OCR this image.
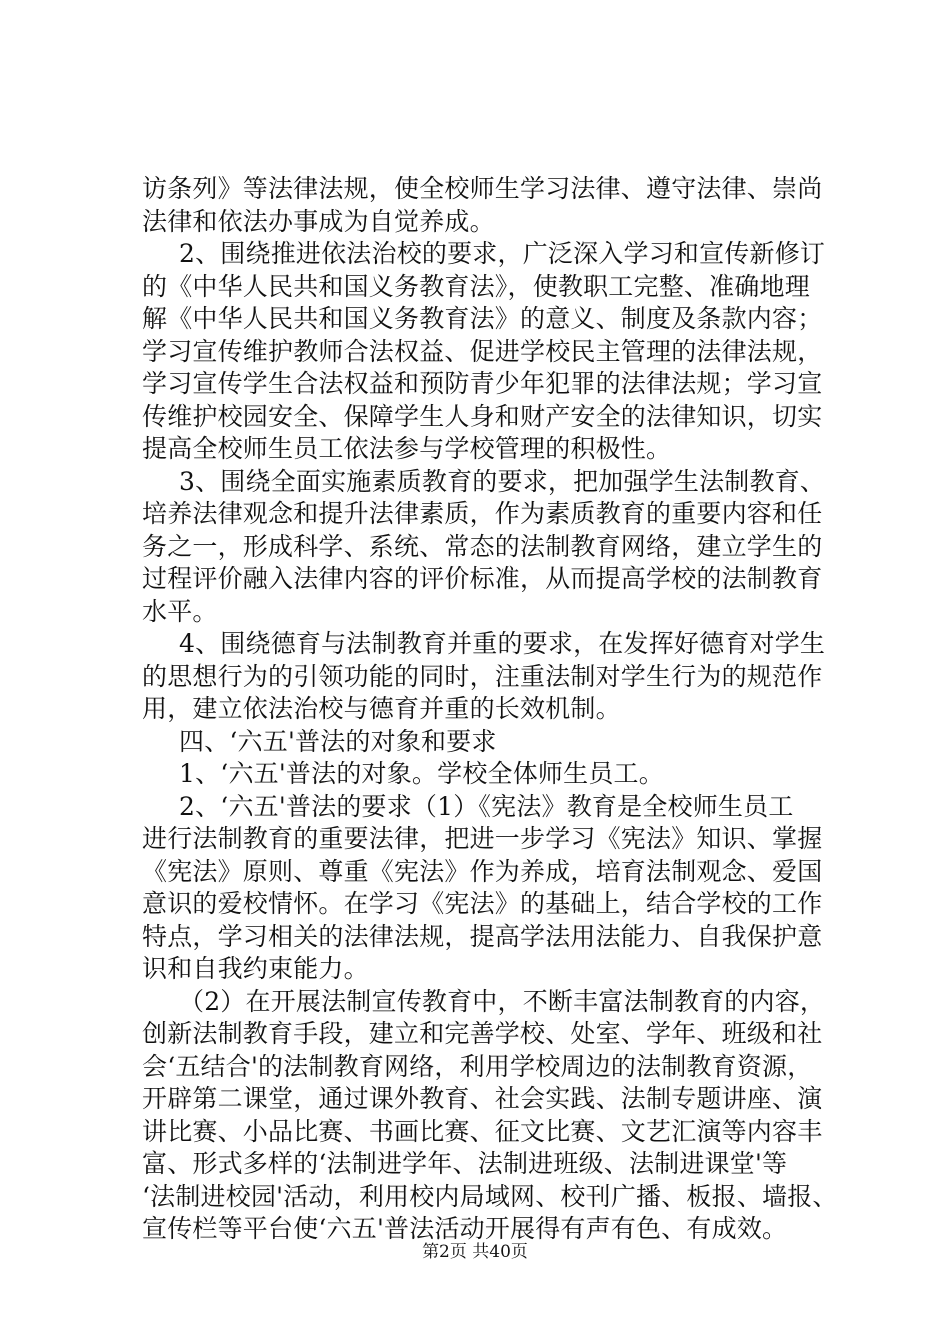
访条列》等法律法规，使全校师生学习法律、遵守法律、崇尚
法律和依法办事成为自觉养成。
2、围绕推进依法治校的要求，广泛深入学习和宣传新修订
的《中华人民共和国义务教育法》，使教职工完整、准确地理
解《中华人民共和国义务教育法》的意义、制度及条款内容；
学习宣传维护教师合法权益、促进学校民主管理的法律法规，
学习宣传学生合法权益和预防青少年犯罪的法律法规；学习宣
传维护校园安全、保障学生人身和财产安全的法律知识，切实
提高全校师生员工依法参与学校管理的积极性。
3、围绕全面实施素质教育的要求，把加强学生法制教育、
培养法律观念和提升法律素质，作为素质教育的重要内容和任
务之一，形成科学、系统、常态的法制教育网络，建立学生的
过程评价融入法律内容的评价标准，从而提高学校的法制教育
水平。
4、围绕德育与法制教育并重的要求，在发挥好德育对学生
的思想行为的引领功能的同时，注重法制对学生行为的规范作
用，建立依法治校与德育并重的长效机制。
四、‘六五'普法的对象和要求
1、‘六五'普法的对象。学校全体师生员工。
2、‘六五'普法的要求（1）《宪法》教育是全校师生员工
进行法制教育的重要法律，把进一步学习《宪法》知识、掌握
《宪法》原则、尊重《宪法》作为养成，培育法制观念、爱国
意识的爱校情怀。在学习《宪法》的基础上，结合学校的工作
特点，学习相关的法律法规，提高学法用法能力、自我保护意
识和自我约束能力。
（2）在开展法制宣传教育中，不断丰富法制教育的内容，
创新法制教育手段，建立和完善学校、处室、学年、班级和社
会‘五结合'的法制教育网络，利用学校周边的法制教育资源，
开辟第二课堂，通过课外教育、社会实践、法制专题讲座、演
讲比赛、小品比赛、书画比赛、征文比赛、文艺汇演等内容丰
富、形式多样的‘法制进学年、法制进班级、法制进课堂'等
‘法制进校园'活动，利用校内局域网、校刊广播、板报、墙报、
宣传栏等平台使‘六五'普法活动开展得有声有色、有成效。
第2页 共40页
